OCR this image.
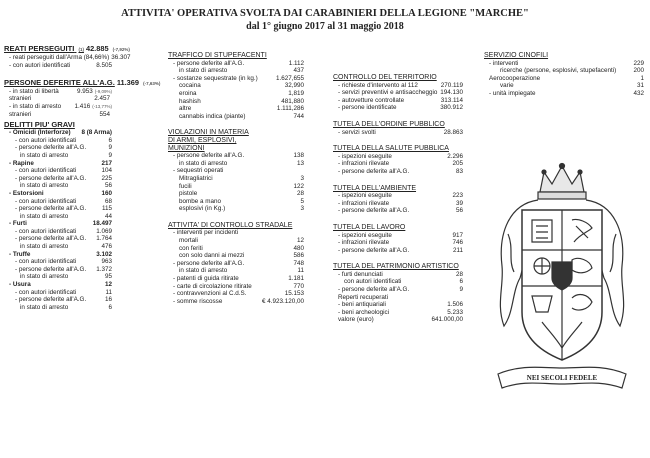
ATTIVITA' OPERATIVA SVOLTA DAI CARABINIERI DELLA LEGIONE "MARCHE"
dal 1° giugno 2017 al 31 maggio 2018
REATI PERSEGUITI (1) 42.885 (-7,92%)
- reati perseguiti dall'Arma (84,66%) 36.307
- con autori identificati	8.505
PERSONE DEFERITE ALL'A.G. 11.369 (-7,63%)
- in stato di libertà	9.953 (-9,09%)
stranieri	2.457
- in stato di arresto	1.416 (-13,77%)
stranieri	554
DELITTI PIU' GRAVI
- Omicidi (Interforze)	8 (8 Arma)
- con autori identificati	6
- persone deferite all'A.G.	9
in stato di arresto	9
- Rapine	217
- con autori identificati	104
- persone deferite all'A.G.	225
in stato di arresto	56
- Estorsioni	160
- con autori identificati	68
- persone deferite all'A.G.	115
in stato di arresto	44
- Furti	18.497
- con autori identificati	1.069
- persone deferite all'A.G.	1.764
in stato di arresto	476
- Truffe	3.102
- con autori identificati	963
- persone deferite all'A.G.	1.372
in stato di arresto	95
- Usura	12
- con autori identificati	11
- persone deferite all'A.G.	16
in stato di arresto	6
TRAFFICO DI STUPEFACENTI
- persone deferite all'A.G.	1.112
in stato di arresto	437
- sostanze sequestrate (in kg.)	1.627,655
cocaina	32,990
eroina	1,819
hashish	481,880
altre	1.111,286
cannabis indica (piante)	744
VIOLAZIONI IN MATERIA DI ARMI, ESPLOSIVI, MUNIZIONI
- persone deferite all'A.G.	138
in stato di arresto	13
- sequestri operati
Mitragliatrici	3
fucili	122
pistole	28
bombe a mano	5
esplosivi (in Kg.)	3
ATTIVITA' DI CONTROLLO STRADALE
- interventi per incidenti
mortali	12
con feriti	480
con solo danni ai mezzi	586
- persone deferite all'A.G.	748
in stato di arresto	11
- patenti di guida ritirate	1.181
- carte di circolazione ritirate	770
- contravvenzioni al C.d.S.	15.153
- somme riscosse	€ 4.923.120,00
CONTROLLO DEL TERRITORIO
- richieste d'intervento al 112	270.119
- servizi preventivi e antisaccheggio 194.130
- autovetture controllate	313.114
- persone identificate	380.912
TUTELA DELL'ORDINE PUBBLICO
- servizi svolti	28.863
TUTELA DELLA SALUTE PUBBLICA
- ispezioni eseguite	2.296
- infrazioni rilevate	205
- persone deferite all'A.G.	83
TUTELA DELL'AMBIENTE
- ispezioni eseguite	223
- infrazioni rilevate	39
- persone deferite all'A.G.	56
TUTELA DEL LAVORO
- ispezioni eseguite	917
- infrazioni rilevate	746
- persone deferite all'A.G.	211
TUTELA DEL PATRIMONIO ARTISTICO
- furti denunciati	28
con autori identificati	6
- persone deferite all'A.G.	9
Reperti recuperati
- beni antiquariali	1.506
- beni archeologici	5.233
valore (euro)	641.000,00
SERVIZIO CINOFILI
- interventi	229
ricerche (persone, esplosivi, stupefacenti)	200
Aerocooperazione	1
varie	31
- unità impiegate	432
NEI SECOLI FEDELE
